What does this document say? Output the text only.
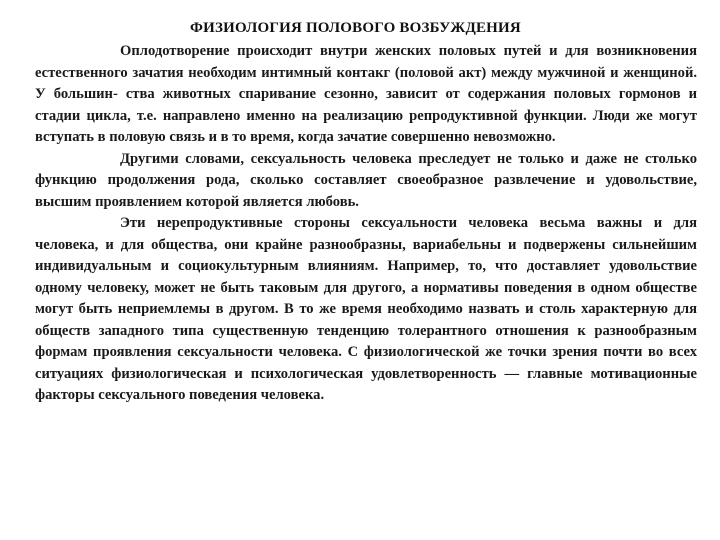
ФИЗИОЛОГИЯ ПОЛОВОГО ВОЗБУЖДЕНИЯ

Оплодотворение происходит внутри женских половых путей и для возникновения естественного зачатия необходим интимный контакг (половой акт) между мужчиной и женщиной. У большин- ства животных спаривание сезонно, зависит от содержания половых гормонов и стадии цикла, т.е. направлено именно на реализацию репродуктивной функции. Люди же могут вступать в половую связь и в то время, когда зачатие совершенно невозможно.

Другими словами, сексуальность человека преследует не только и даже не столько функцию продолжения рода, сколько составляет своеобразное развлечение и удовольствие, высшим проявлением которой является любовь.

Эти нерепродуктивные стороны сексуальности человека весьма важны и для человека, и для общества, они крайне разнообразны, вариабельны и подвержены сильнейшим индивидуальным и социокультурным влияниям. Например, то, что доставляет удовольствие одному человеку, может не быть таковым для другого, а нормативы поведения в одном обществе могут быть неприемлемы в другом. В то же время необходимо назвать и столь характерную для обществ западного типа существенную тенденцию толерантного отношения к разнообразным формам проявления сексуальности человека. С физиологической же точки зрения почти во всех ситуациях физиологическая и психологическая удовлетворенность — главные мотивационные факторы сексуального поведения человека.
